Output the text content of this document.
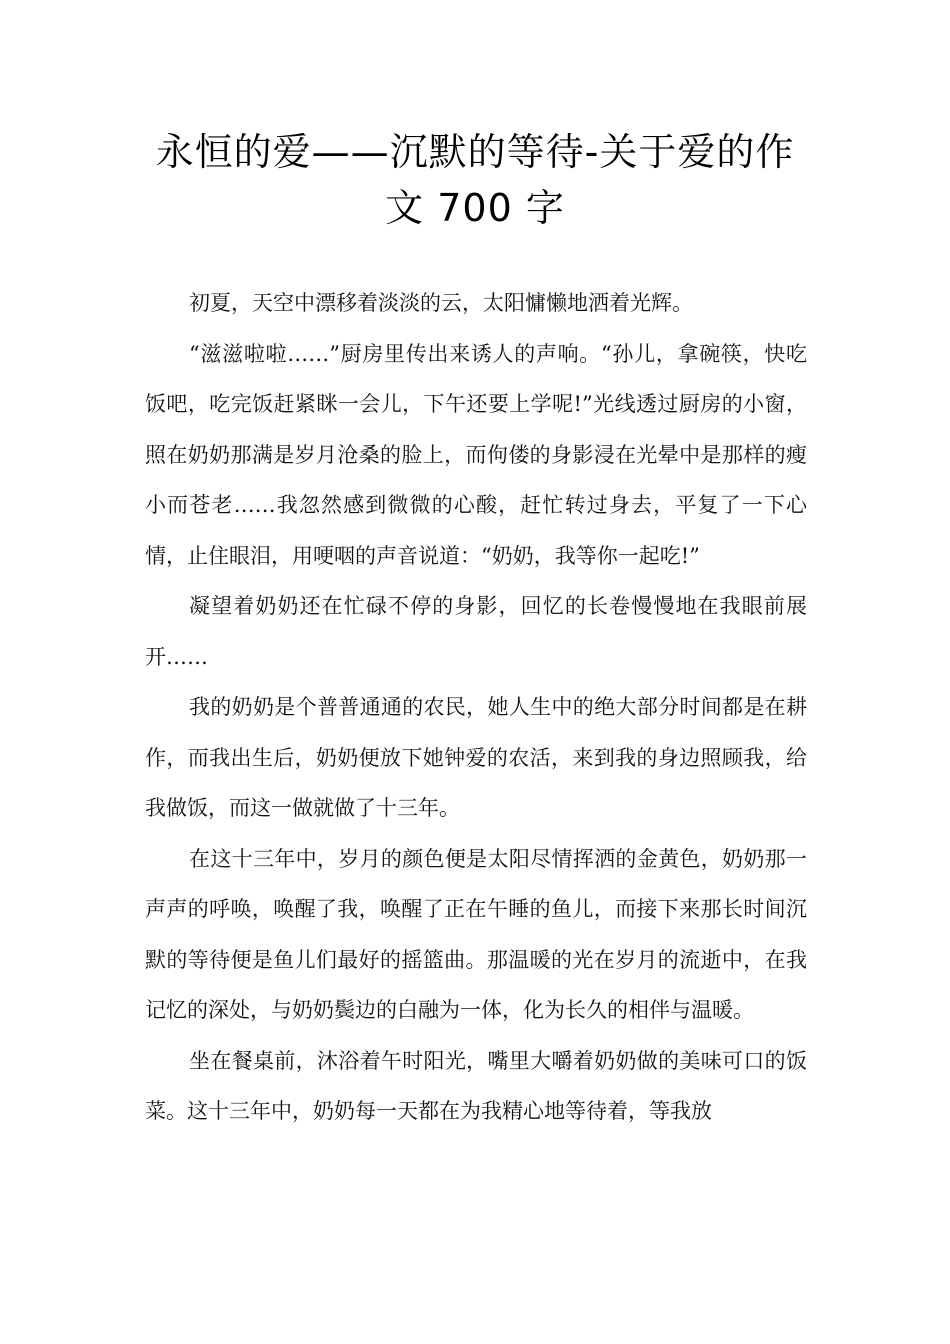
永恒的爱——沉默的等待-关于爱的作
文 700 字

初夏，天空中漂移着淡淡的云，太阳慵懒地洒着光辉。

“滋滋啦啦……”厨房里传出来诱人的声响。“孙儿，拿碗筷，快吃饭吧，吃完饭赶紧眯一会儿，下午还要上学呢!”光线透过厨房的小窗，照在奶奶那满是岁月沧桑的脸上，而佝偻的身影浸在光晕中是那样的瘦小而苍老……我忽然感到微微的心酸，赶忙转过身去，平复了一下心情，止住眼泪，用哽咽的声音说道：“奶奶，我等你一起吃!”

凝望着奶奶还在忙碌不停的身影，回忆的长卷慢慢地在我眼前展开……

我的奶奶是个普普通通的农民，她人生中的绝大部分时间都是在耕作，而我出生后，奶奶便放下她钟爱的农活，来到我的身边照顾我，给我做饭，而这一做就做了十三年。

在这十三年中，岁月的颜色便是太阳尽情挥洒的金黄色，奶奶那一声声的呼唤，唤醒了我，唤醒了正在午睡的鱼儿，而接下来那长时间沉默的等待便是鱼儿们最好的摇篮曲。那温暖的光在岁月的流逝中，在我记忆的深处，与奶奶鬓边的白融为一体，化为长久的相伴与温暖。

坐在餐桌前，沐浴着午时阳光，嘴里大嚼着奶奶做的美味可口的饭菜。这十三年中，奶奶每一天都在为我精心地等待着，等我放
